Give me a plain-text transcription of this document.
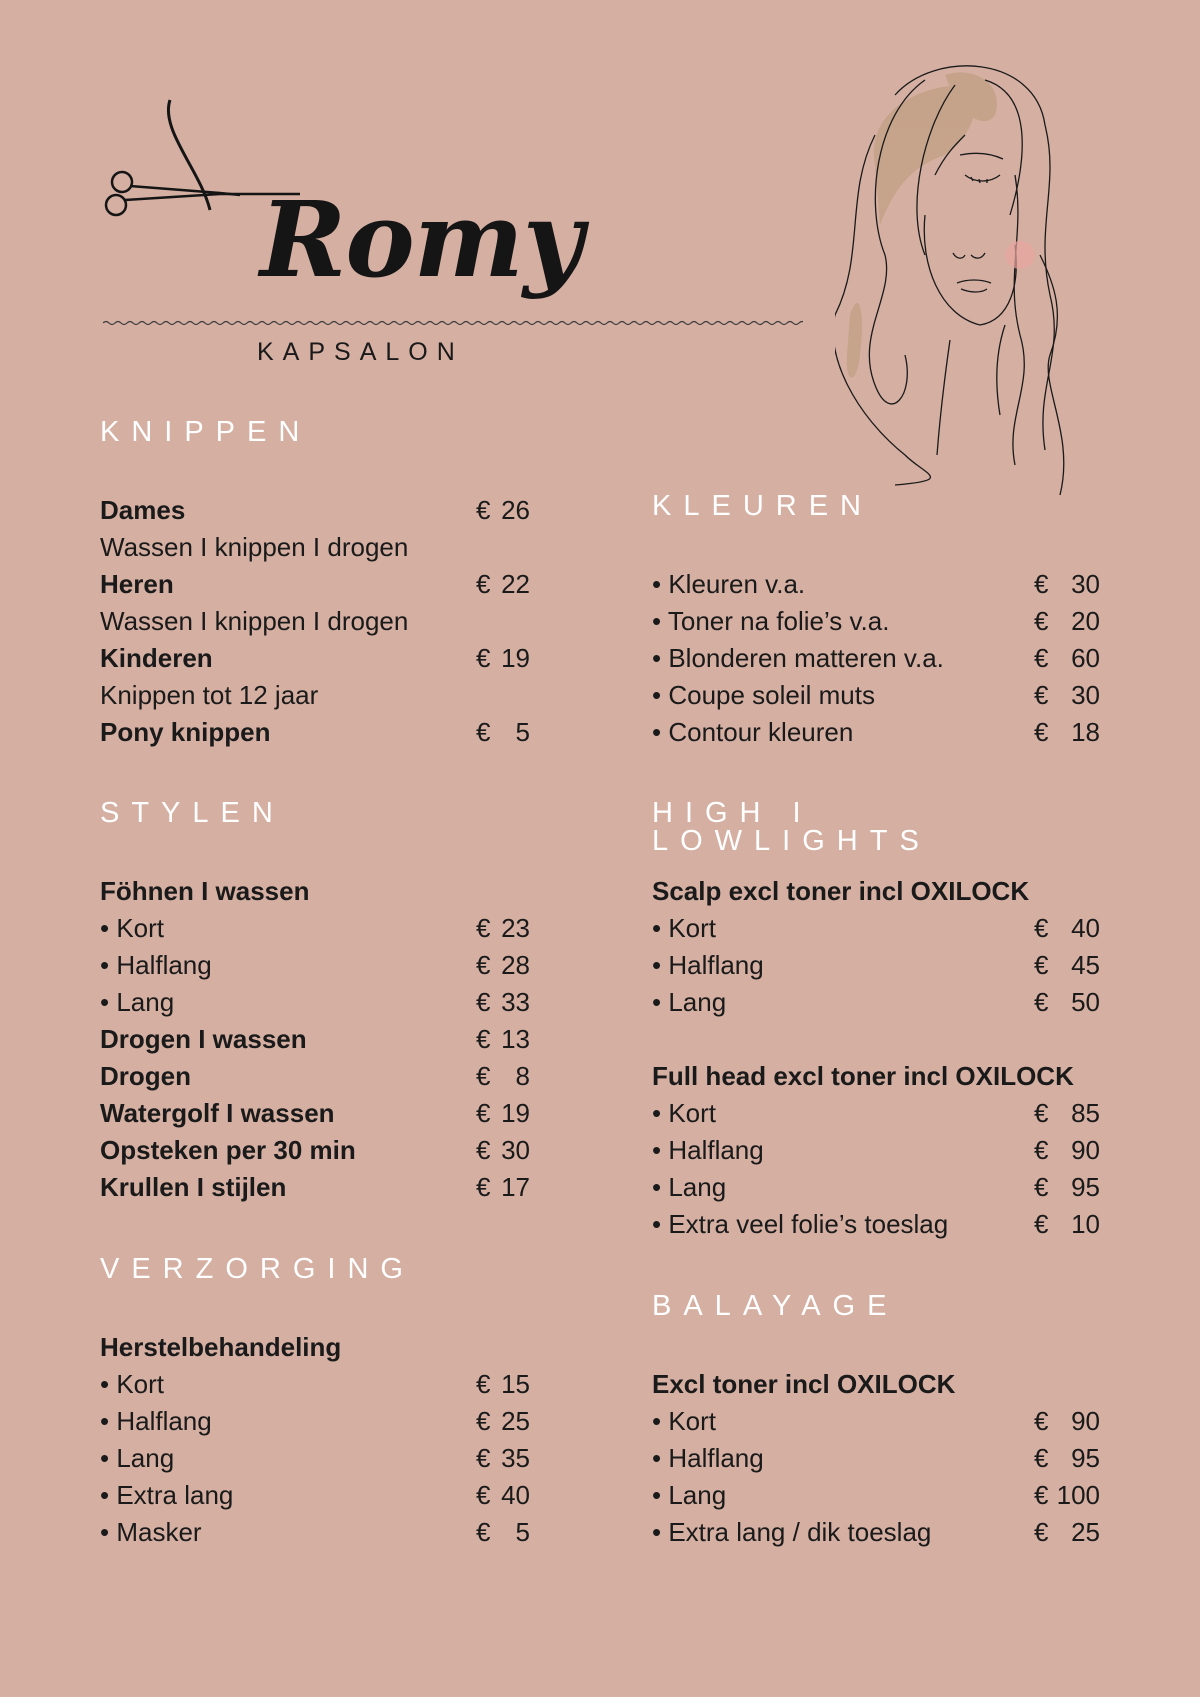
Romy
KAPSALON
KNIPPEN
Dames	€ 26
Wassen I knippen I drogen
Heren	€ 22
Wassen I knippen I drogen
Kinderen	€ 19
Knippen tot 12 jaar
Pony knippen	€ 5
STYLEN
Föhnen I wassen
• Kort	€ 23
• Halflang	€ 28
• Lang	€ 33
Drogen I wassen	€ 13
Drogen	€ 8
Watergolf I wassen	€ 19
Opsteken per 30 min	€ 30
Krullen I stijlen	€ 17
VERZORGING
Herstelbehandeling
• Kort	€ 15
• Halflang	€ 25
• Lang	€ 35
• Extra lang	€ 40
• Masker	€ 5
KLEUREN
• Kleuren v.a.	€ 30
• Toner na folie’s v.a.	€ 20
• Blonderen matteren v.a.	€ 60
• Coupe soleil muts	€ 30
• Contour kleuren	€ 18
HIGH I LOWLIGHTS
Scalp excl toner incl OXILOCK
• Kort	€ 40
• Halflang	€ 45
• Lang	€ 50
Full head excl toner incl OXILOCK
• Kort	€ 85
• Halflang	€ 90
• Lang	€ 95
• Extra veel folie’s toeslag	€ 10
BALAYAGE
Excl toner incl OXILOCK
• Kort	€ 90
• Halflang	€ 95
• Lang	€ 100
• Extra lang / dik toeslag	€ 25
